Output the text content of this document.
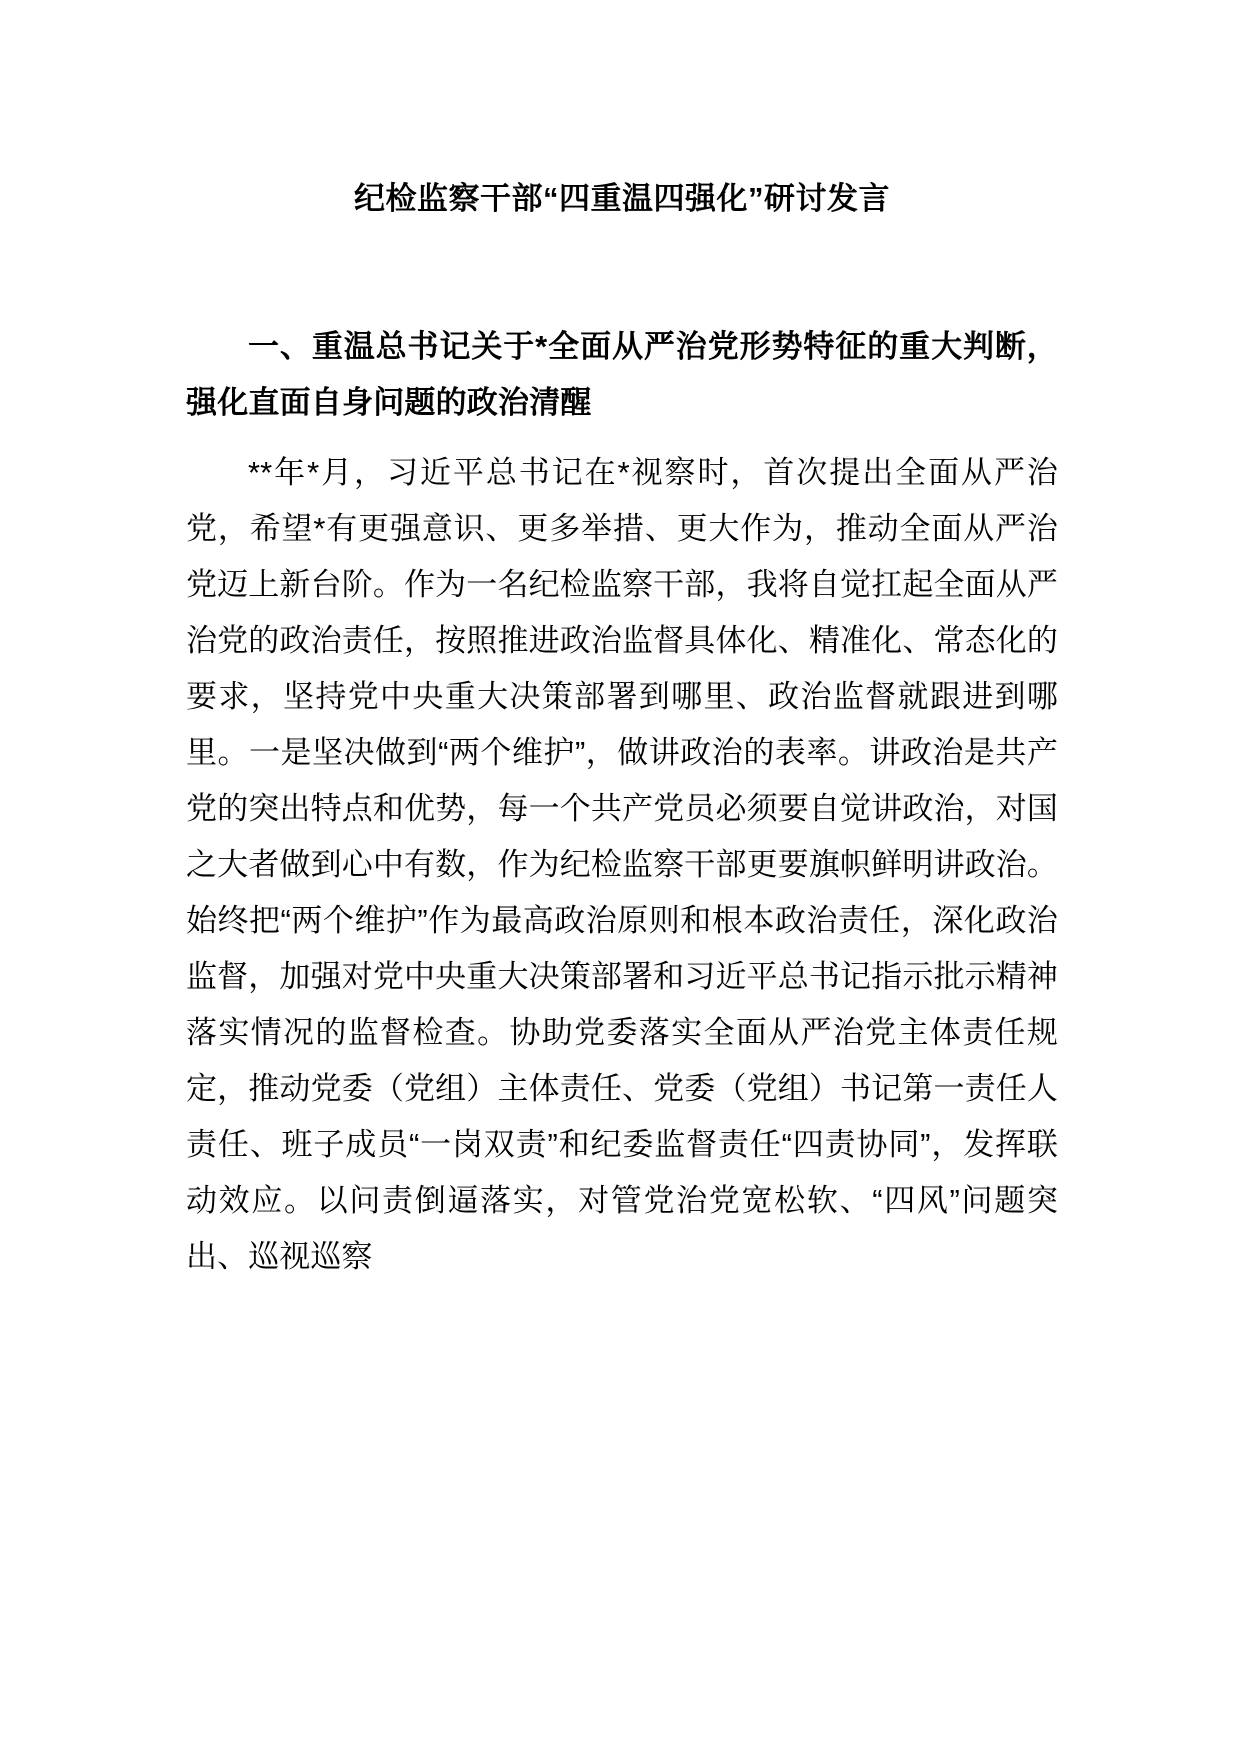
纪检监察干部“四重温四强化”研讨发言
一、重温总书记关于*全面从严治党形势特征的重大判断，强化直面自身问题的政治清醒

**年*月，习近平总书记在*视察时，首次提出全面从严治党，希望*有更强意识、更多举措、更大作为，推动全面从严治党迈上新台阶。作为一名纪检监察干部，我将自觉扛起全面从严治党的政治责任，按照推进政治监督具体化、精准化、常态化的要求，坚持党中央重大决策部署到哪里、政治监督就跟进到哪里。一是坚决做到“两个维护”，做讲政治的表率。讲政治是共产党的突出特点和优势，每一个共产党员必须要自觉讲政治，对国之大者做到心中有数，作为纪检监察干部更要旗帜鲜明讲政治。始终把“两个维护”作为最高政治原则和根本政治责任，深化政治监督，加强对党中央重大决策部署和习近平总书记指示批示精神落实情况的监督检查。协助党委落实全面从严治党主体责任规定，推动党委（党组）主体责任、党委（党组）书记第一责任人责任、班子成员“一岗双责”和纪委监督责任“四责协同”，发挥联动效应。以问责倒逼落实，对管党治党宽松软、“四风”问题突出、巡视巡察
